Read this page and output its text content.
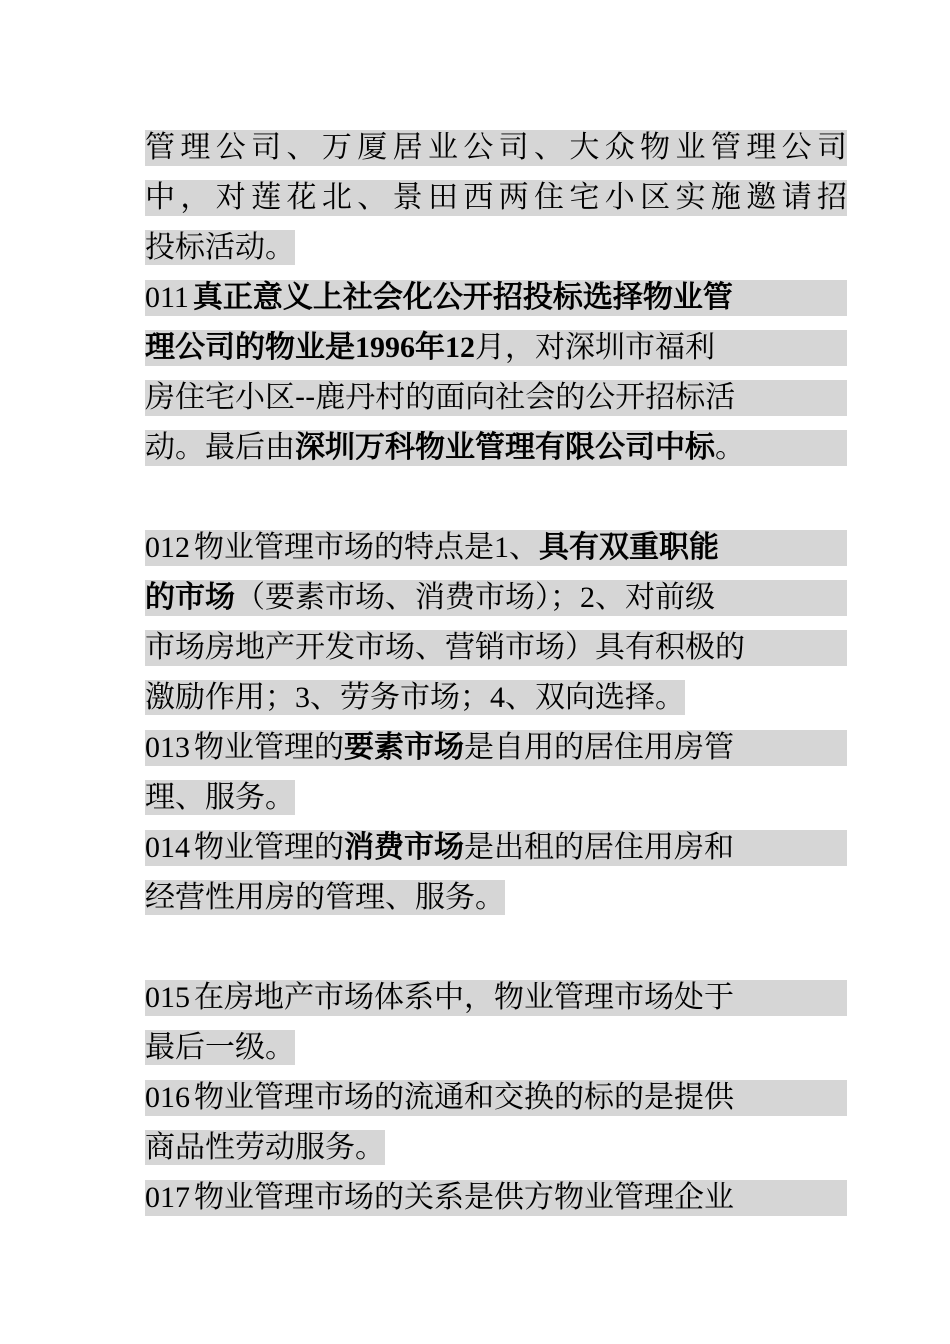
管理公司、万厦居业公司、大众物业管理公司
中，对莲花北、景田西两住宅小区实施邀请招
投标活动。
011 真正意义上社会化公开招投标选择物业管
理公司的物业是1996年12月，对深圳市福利
房住宅小区--鹿丹村的面向社会的公开招标活
动。最后由深圳万科物业管理有限公司中标。
012 物业管理市场的特点是1、具有双重职能
的市场（要素市场、消费市场）；2、对前级
市场房地产开发市场、营销市场）具有积极的
激励作用；3、劳务市场；4、双向选择。
013 物业管理的要素市场是自用的居住用房管
理、服务。
014 物业管理的消费市场是出租的居住用房和
经营性用房的管理、服务。
015 在房地产市场体系中，物业管理市场处于
最后一级。
016 物业管理市场的流通和交换的标的是提供
商品性劳动服务。
017 物业管理市场的关系是供方物业管理企业
